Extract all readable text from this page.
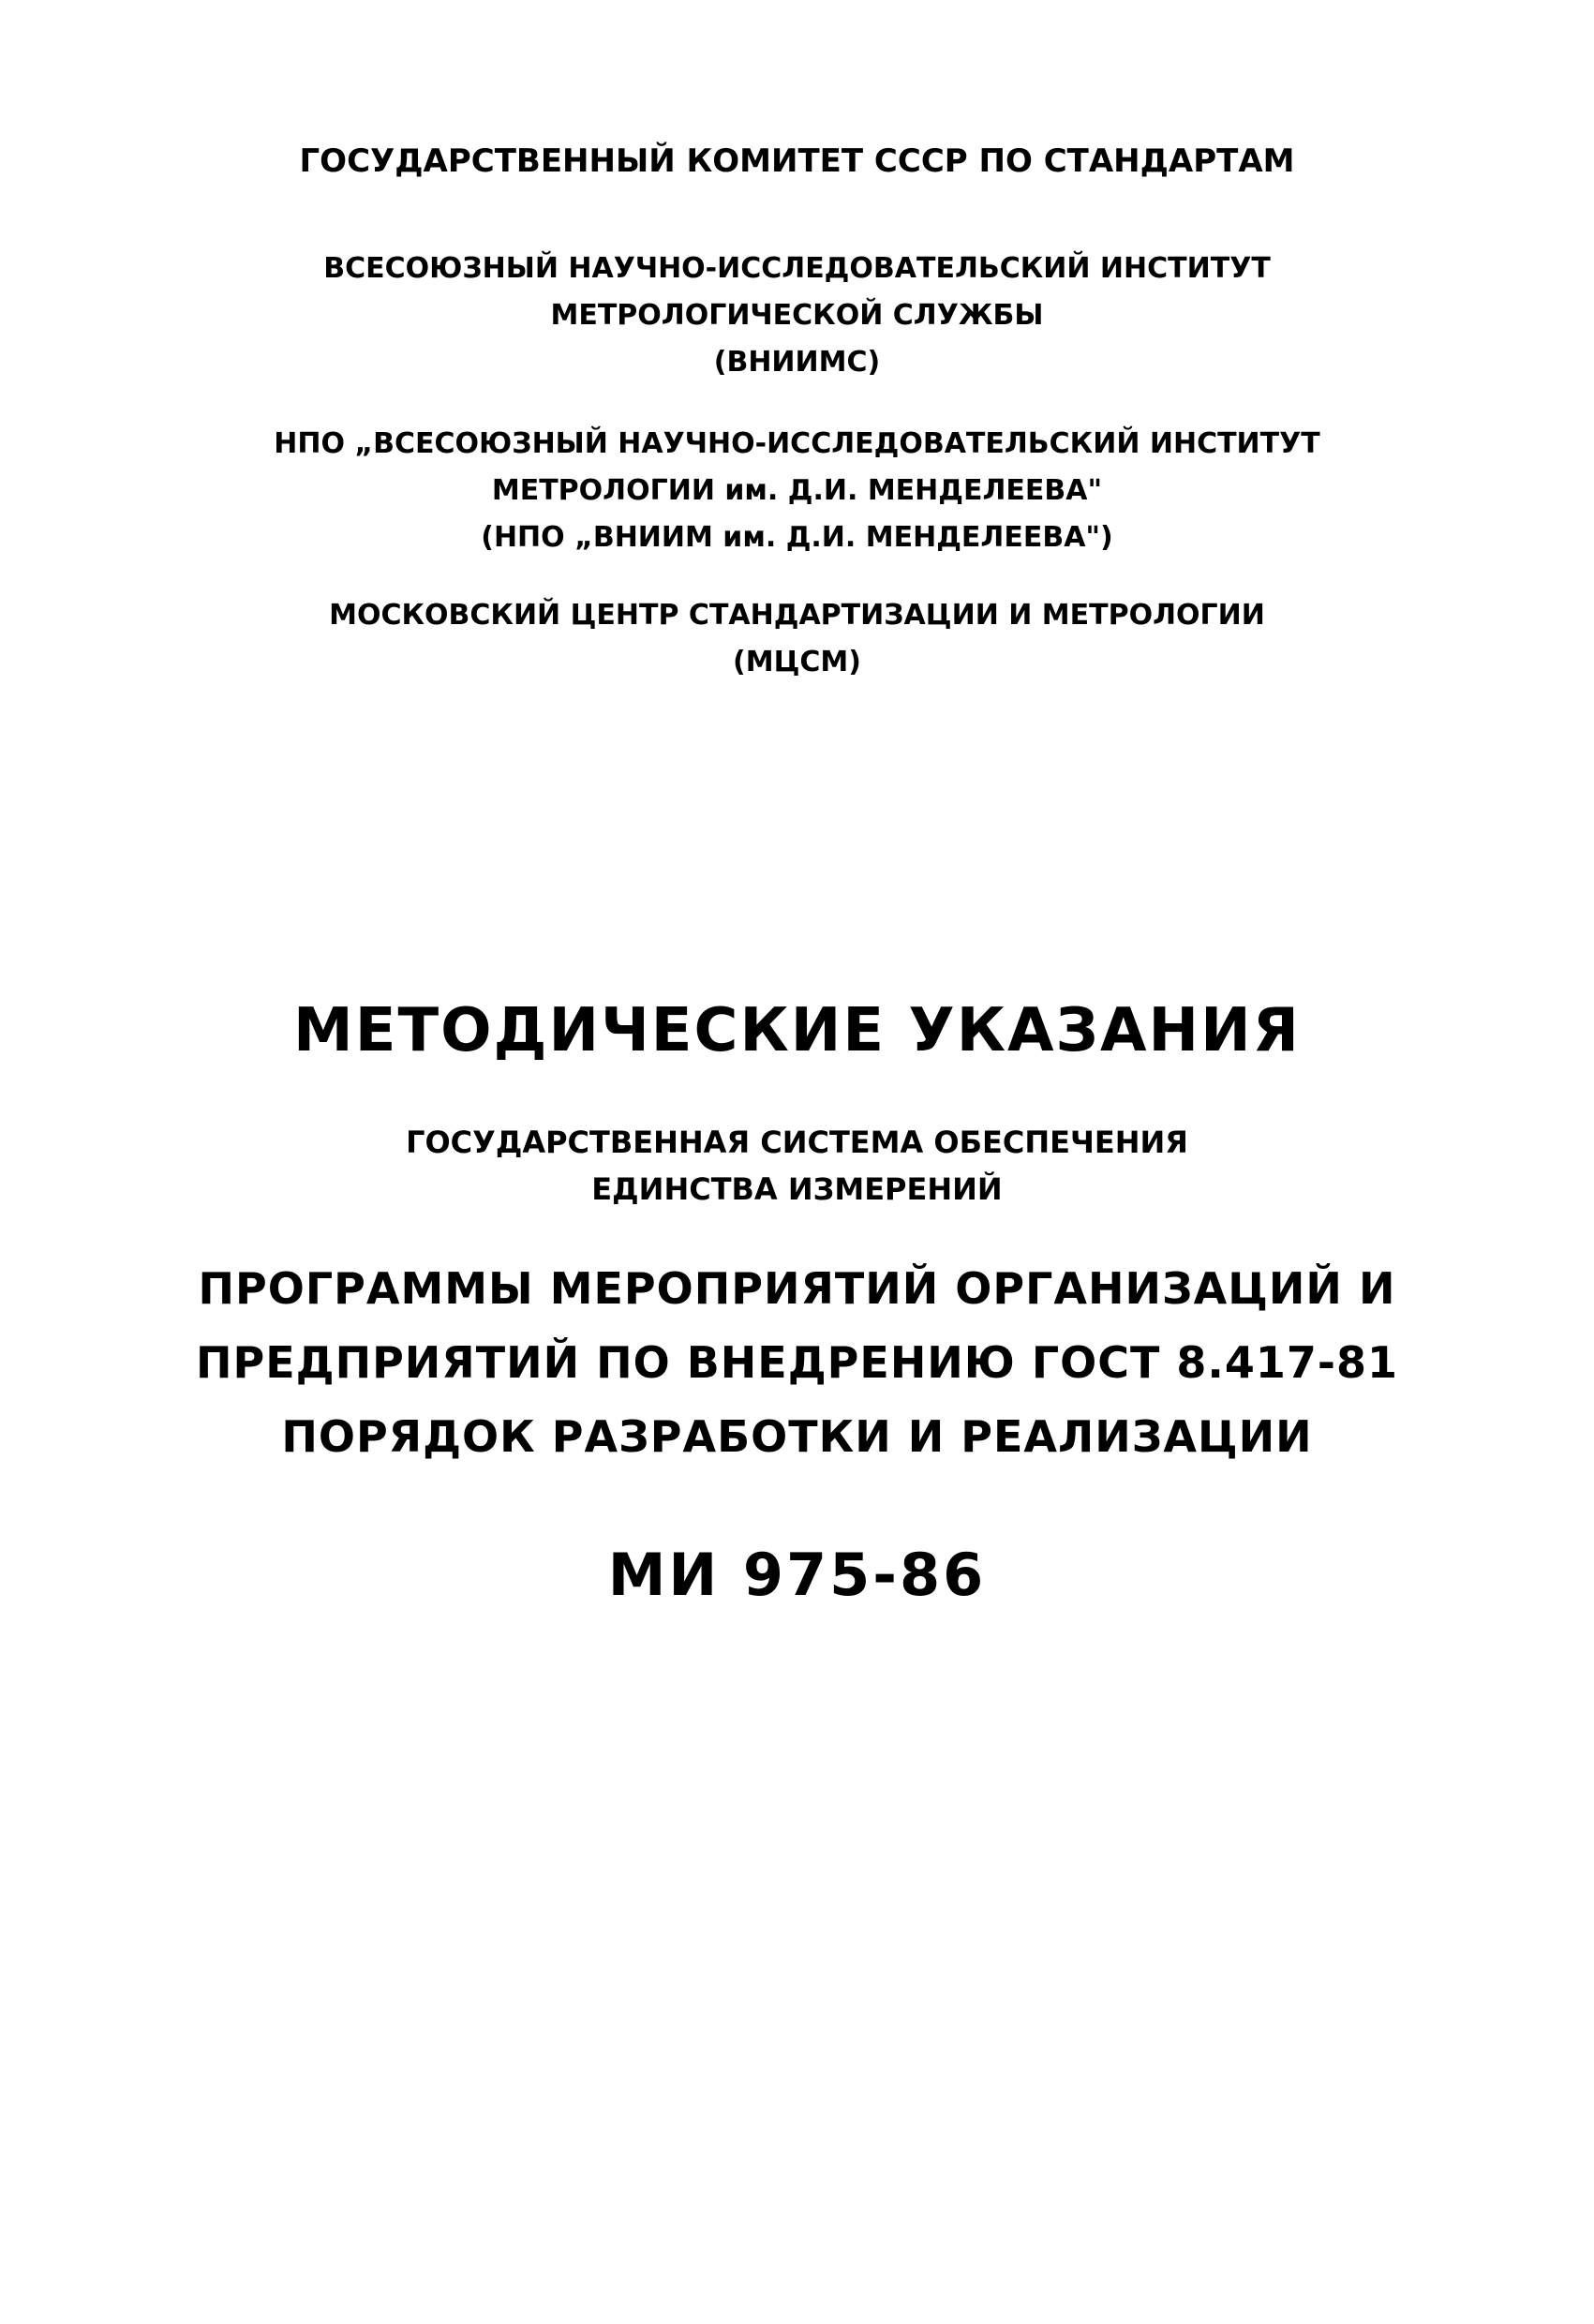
ГОСУДАРСТВЕННЫЙ КОМИТЕТ СССР ПО СТАНДАРТАМ

ВСЕСОЮЗНЫЙ НАУЧНО-ИССЛЕДОВАТЕЛЬСКИЙ ИНСТИТУТ

МЕТРОЛОГИЧЕСКОЙ СЛУЖБЫ

(ВНИИМС)

НПО „ВСЕСОЮЗНЫЙ НАУЧНО-ИССЛЕДОВАТЕЛЬСКИЙ ИНСТИТУТ

МЕТРОЛОГИИ им. Д.И. МЕНДЕЛЕЕВА"

(НПО „ВНИИМ им. Д.И. МЕНДЕЛЕЕВА")

МОСКОВСКИЙ ЦЕНТР СТАНДАРТИЗАЦИИ И МЕТРОЛОГИИ

(МЦСМ)

МЕТОДИЧЕСКИЕ УКАЗАНИЯ

ГОСУДАРСТВЕННАЯ СИСТЕМА ОБЕСПЕЧЕНИЯ

ЕДИНСТВА ИЗМЕРЕНИЙ

ПРОГРАММЫ МЕРОПРИЯТИЙ ОРГАНИЗАЦИЙ И

ПРЕДПРИЯТИЙ ПО ВНЕДРЕНИЮ ГОСТ 8.417-81

ПОРЯДОК РАЗРАБОТКИ И РЕАЛИЗАЦИИ

МИ 975-86
